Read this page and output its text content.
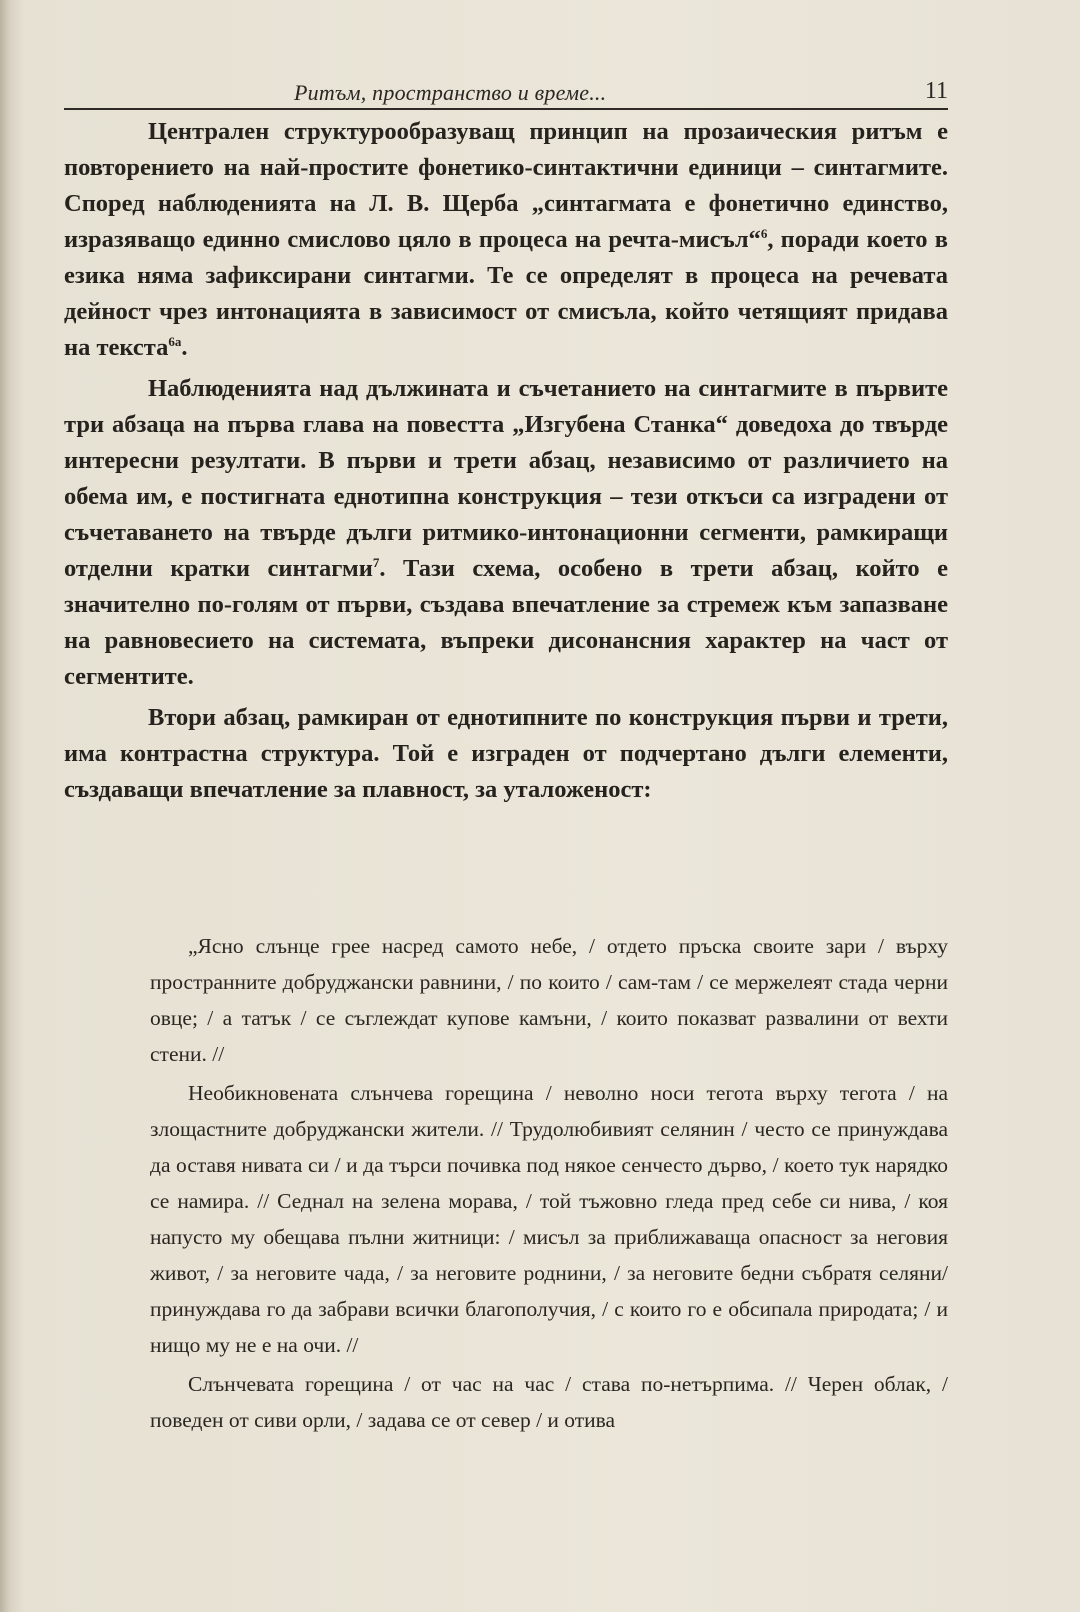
Ритъм, пространство и време...	11

Централен структурообразуващ принцип на прозаическия ритъм е повторението на най-простите фонетико-синтактични единици – синтагмите. Според наблюденията на Л. В. Щерба „синтагмата е фонетично единство, изразяващо единно смислово цяло в процеса на речта-мисъл“$^6$, поради което в езика няма зафиксирани синтагми. Те се определят в процеса на речевата дейност чрез интонацията в зависимост от смисъла, който четящият придава на текста$^{6а}$.

Наблюденията над дължината и съчетанието на синтагмите в първите три абзаца на първа глава на повестта „Изгубена Станка“ доведоха до твърде интересни резултати. В първи и трети абзац, независимо от различието на обема им, е постигната еднотипна конструкция – тези откъси са изградени от съчетаването на твърде дълги ритмико-интонационни сегменти, рамкиращи отделни кратки синтагми$^7$. Тази схема, особено в трети абзац, който е значително по-голям от първи, създава впечатление за стремеж към запазване на равновесието на системата, въпреки дисонансния характер на част от сегментите.

Втори абзац, рамкиран от еднотипните по конструкция първи и трети, има контрастна структура. Той е изграден от подчертано дълги елементи, създаващи впечатление за плавност, за уталоженост:

„Ясно слънце грее насред самото небе, / отдето пръска своите зари / върху пространните добруджански равнини, / по които / сам-там / се мержелеят стада черни овце; / а татък / се съглеждат купове камъни, / които показват развалини от вехти стени. //

Необикновената слънчева горещина / неволно носи тегота върху тегота / на злощастните добруджански жители. // Трудолюбивият селянин / често се принуждава да оставя нивата си / и да търси почивка под някое сенчесто дърво, / което тук нарядко се намира. // Седнал на зелена морава, / той тъжовно гледа пред себе си нива, / коя напусто му обещава пълни житници: / мисъл за приближаваща опасност за неговия живот, / за неговите чада, / за неговите роднини, / за неговите бедни събратя селяни/ принуждава го да забрави всички благополучия, / с които го е обсипала природата; / и нищо му не е на очи. //

Слънчевата горещина / от час на час / става по-нетърпима. // Черен облак, / поведен от сиви орли, / задава се от север / и отива
